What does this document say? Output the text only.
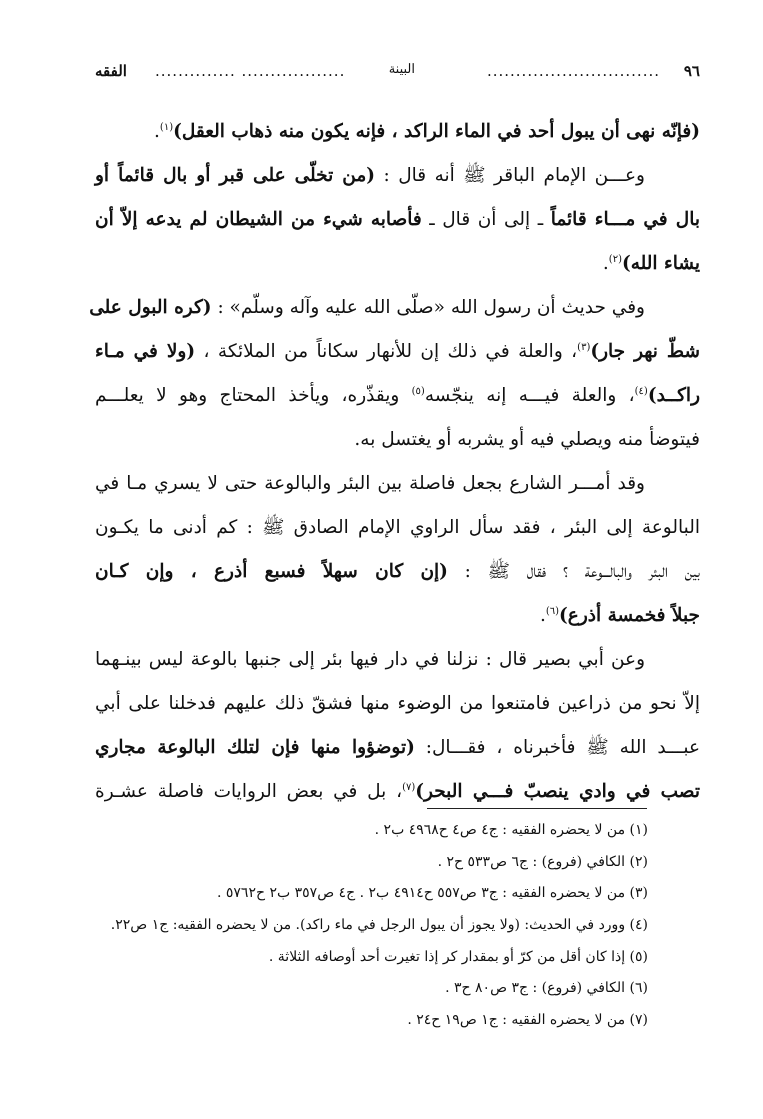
٩٦
..............................
البينة
.................. ..............
الفقه
(فإنّه نهى أن يبول أحد في الماء الراكد ، فإنه يكون منه ذهاب العقل)$^{(١)}$.
وعـــن الإمام الباقر ﷺ أنه قال : (من تخلّى على قبر أو بال قائماً أو
بال في مـــاء قائماً ـ إلى أن قال ـ فأصابه شيء من الشيطان لم يدعه إلاّ أن
يشاء الله)$^{(٢)}$.
وفي حديث أن رسول الله «صلّى الله عليه وآله وسلّم» : (كره البول على
شطّ نهر جار)$^{(٣)}$، والعلة في ذلك إن للأنهار سكاناً من الملائكة ، (ولا في مـاء
راكــد)$^{(٤)}$، والعلة فيـــه إنه ينجّسه$^{(٥)}$ ويقذّره، ويأخذ المحتاج وهو لا يعلـــم
فيتوضأ منه ويصلي فيه أو يشربه أو يغتسل به.
وقد أمـــر الشارع بجعل فاصلة بين البئر والبالوعة حتى لا يسري مـا في
البالوعة إلى البئر ، فقد سأل الراوي الإمام الصادق ﷺ : كم أدنى ما يكـون
بين البئر والبالـــوعة ؟ فقال ﷺ : (إن كان سهلاً فسبع أذرع ، وإن كـان
جبلاً فخمسة أذرع)$^{(٦)}$.
وعن أبي بصير قال : نزلنا في دار فيها بئر إلى جنبها بالوعة ليس بينـهما
إلاّ نحو من ذراعين فامتنعوا من الوضوء منها فشقّ ذلك عليهم فدخلنا على أبي
عبـــد الله ﷺ فأخبرناه ، فقـــال: (توضؤوا منها فإن لتلك البالوعة مجاري
تصب في وادي ينصبّ فـــي البحر)$^{(٧)}$، بل في بعض الروايات فاصلة عشـرة
(١) من لا يحضره الفقيه : ج٤ ص٤ ح٤٩٦٨ ب٢ .
(٢) الكافي (فروع) : ج٦ ص٥٣٣ ح٢ .
(٣) من لا يحضره الفقيه : ج٣ ص٥٥٧ ح٤٩١٤ ب٢ . ج٤ ص٣٥٧ ب٢ ح٥٧٦٢ .
(٤) وورد في الحديث: (ولا يجوز أن يبول الرجل في ماء راكد). من لا يحضره الفقيه: ج١ ص٢٢.
(٥) إذا كان أقل من كرّ أو بمقدار كر إذا تغيرت أحد أوصافه الثلاثة .
(٦) الكافي (فروع) : ج٣ ص٨٠ ح٣ .
(٧) من لا يحضره الفقيه : ج١ ص١٩ ح٢٤ .
